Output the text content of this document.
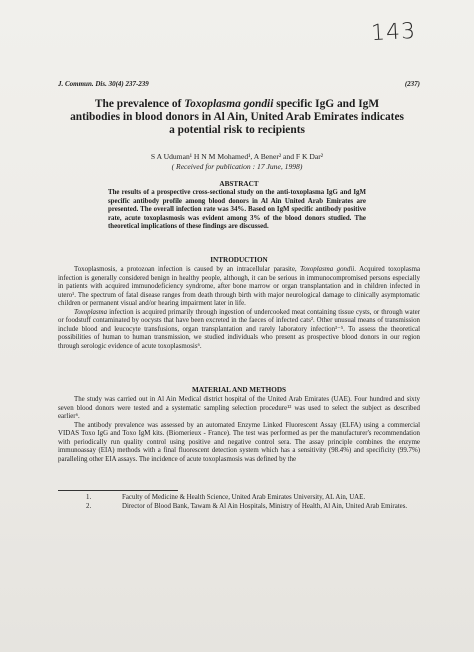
143
J. Commun. Dis. 30(4) 237-239	(237)
The prevalence of Toxoplasma gondii specific IgG and IgM antibodies in blood donors in Al Ain, United Arab Emirates indicates a potential risk to recipients
S A Uduman¹ H N M Mohamed¹, A Bener² and F K Dar²
( Received for publication : 17 June, 1998)
ABSTRACT
The results of a prospective cross-sectional study on the anti-toxoplasma IgG and IgM specific antibody profile among blood donors in Al Ain United Arab Emirates are presented. The overall infection rate was 34%. Based on IgM specific antibody positive rate, acute toxoplasmosis was evident among 3% of the blood donors studied. The theoretical implications of these findings are discussed.
INTRODUCTION

Toxoplasmosis, a protozoan infection is caused by an intracellular parasite, Toxoplasma gondii. Acquired toxoplasma infection is generally considered benign in healthy people, although, it can be serious in immunocompromised persons especially in patients with acquired immunodeficiency syndrome, after bone marrow or organ transplantation and in children infected in utero¹. The spectrum of fatal disease ranges from death through birth with major neurological damage to clinically asymptomatic children or permanent visual and/or hearing impairment later in life.

Toxoplasma infection is acquired primarily through ingestion of undercooked meat containing tissue cysts, or through water or foodstuff contaminated by oocysts that have been excreted in the faeces of infected cats². Other unusual means of transmission include blood and leucocyte transfusions, organ transplantation and rarely laboratory infection³⁻⁵. To assess the theoretical possibilities of human to human transmission, we studied individuals who present as prospective blood donors in our region through serologic evidence of acute toxoplasmosis⁶.

MATERIAL AND METHODS

The study was carried out in Al Ain Medical district hospital of the United Arab Emirates (UAE). Four hundred and sixty seven blood donors were tested and a systematic sampling selection procedure¹² was used to select the subject as described earlier⁶.

The antibody prevalence was assessed by an automated Enzyme Linked Fluorescent Assay (ELFA) using a commercial VIDAS Toxo IgG and Toxo IgM kits. (Biomerieux - France). The test was performed as per the manufacturer's recommendation with periodically run quality control using positive and negative control sera. The assay principle combines the enzyme immunoassay (EIA) methods with a final fluorescent detection system which has a sensitivity (98.4%) and specificity (99.7%) paralleling other EIA assays. The incidence of acute toxoplasmosis was defined by the

1.	Faculty of Medicine & Health Science, United Arab Emirates University, AL Ain, UAE.
2.	Director of Blood Bank, Tawam & Al Ain Hospitals, Ministry of Health, Al Ain, United Arab Emirates.
